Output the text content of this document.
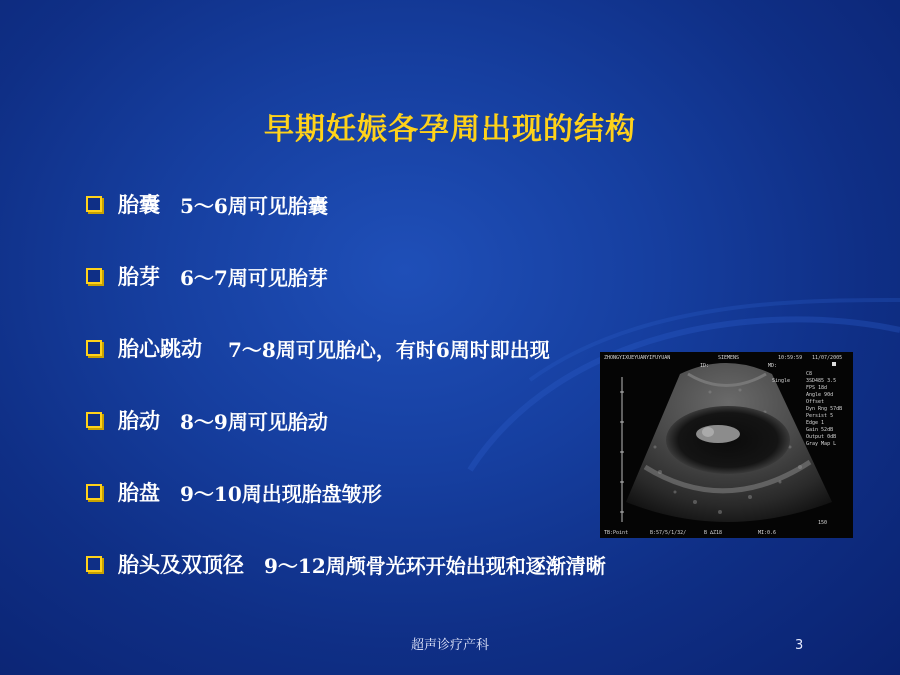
早期妊娠各孕周出现的结构
胎囊 5～6周可见胎囊
胎芽 6～7周可见胎芽
胎心跳动 7～8周可见胎心，有时6周时即出现
胎动 8～9周可见胎动
胎盘 9～10周出现胎盘皱形
胎头及双顶径 9～12周颅骨光环开始出现和逐渐清晰
ZHONGYIXUEYUANYIFUYUAN	SIEMENS	10:59:59 11/07/2005
ID:	MD:
Single
C8
3SD485 3.5
FPS 18d
Angle 90d
Offset
Dyn Rng 57dB
Persist 5
Edge 1
Gain 52dB
Output 0dB
Gray Map L
150
TB:Point	B:57/5/1/32/	B ∆Z18	MI:0.6
超声诊疗产科	3
